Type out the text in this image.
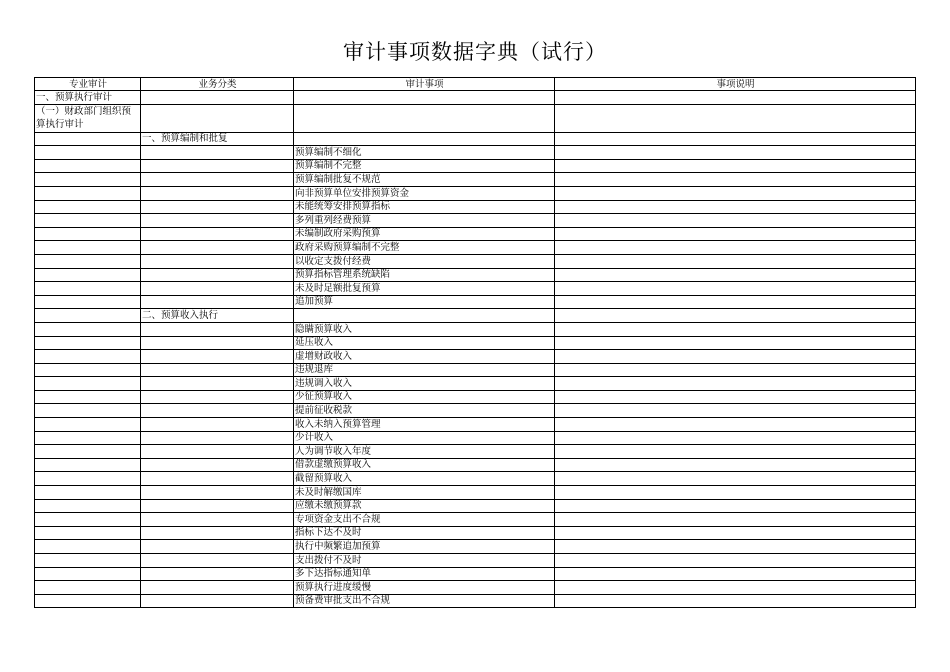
审计事项数据字典（试行）
专业审计	业务分类	审计事项	事项说明
一、预算执行审计			
（一）财政部门组织预算执行审计			
	一、预算编制和批复		
		预算编制不细化	
		预算编制不完整	
		预算编制批复不规范	
		向非预算单位安排预算资金	
		未能统筹安排预算指标	
		多列重列经费预算	
		未编制政府采购预算	
		政府采购预算编制不完整	
		以收定支拨付经费	
		预算指标管理系统缺陷	
		未及时足额批复预算	
		追加预算	
	二、预算收入执行		
		隐瞒预算收入	
		延压收入	
		虚增财政收入	
		违规退库	
		违规调入收入	
		少征预算收入	
		提前征收税款	
		收入未纳入预算管理	
		少计收入	
		人为调节收入年度	
		借款虚缴预算收入	
		截留预算收入	
		未及时解缴国库	
		应缴未缴预算款	
		专项资金支出不合规	
		指标下达不及时	
		执行中频繁追加预算	
		支出拨付不及时	
		多下达指标通知单	
		预算执行进度缓慢	
		预备费审批支出不合规	
